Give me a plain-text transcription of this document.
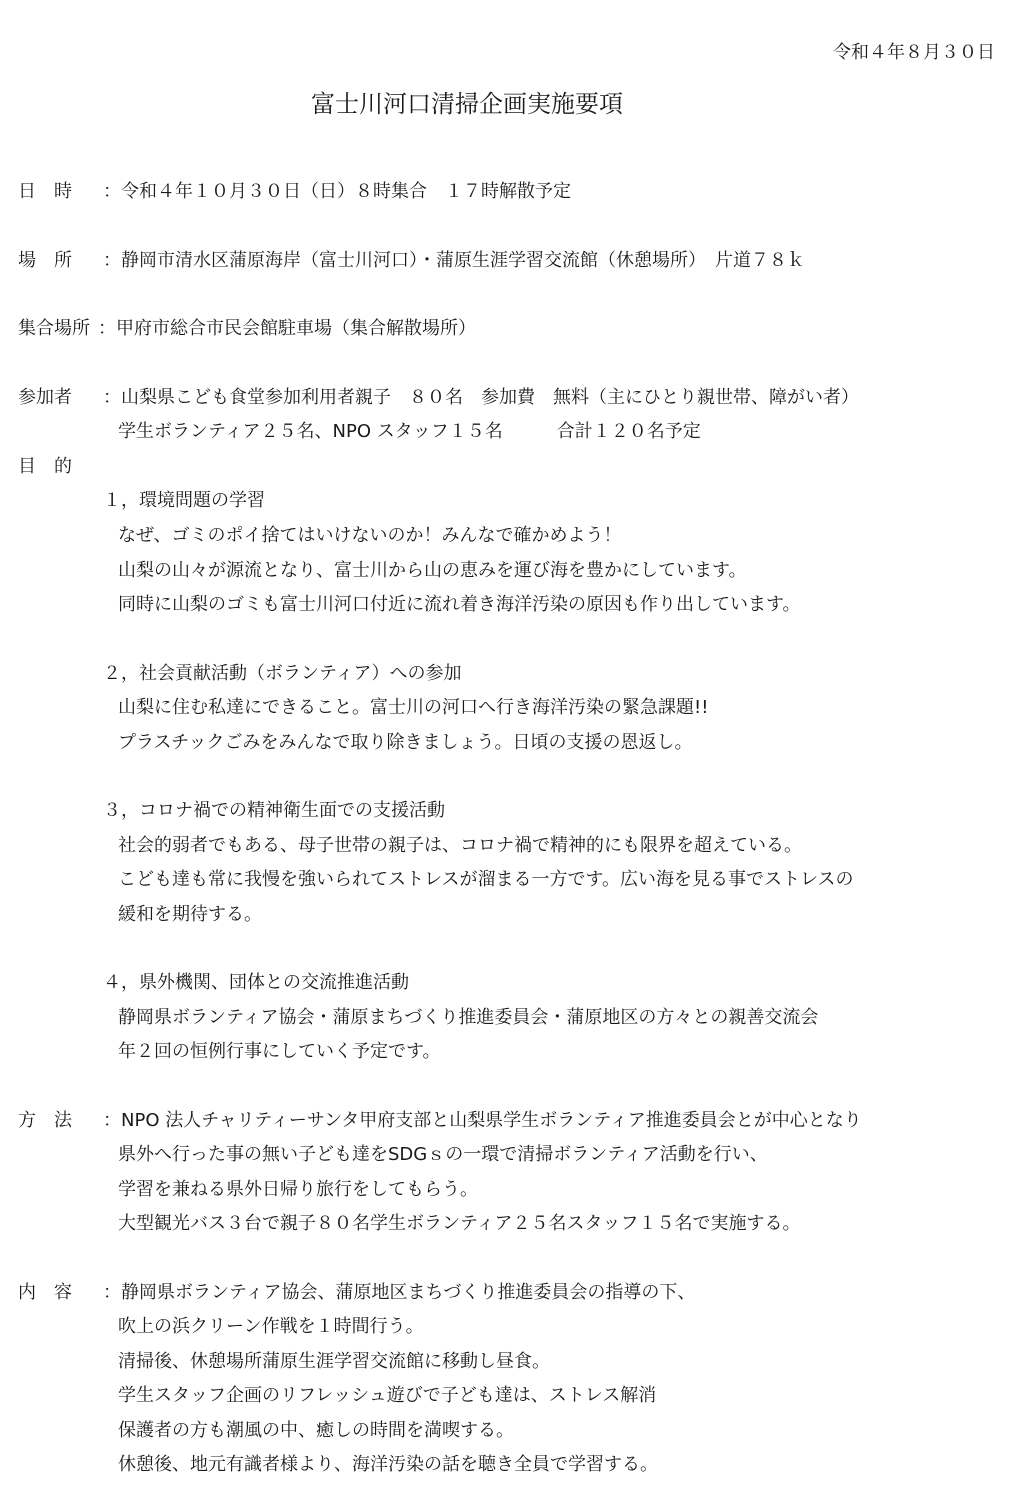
令和４年８月３０日
富士川河口清掃企画実施要項
日　時 ：令和４年１０月３０日（日）８時集合　１７時解散予定
場　所 ：静岡市清水区蒲原海岸（富士川河口）・蒲原生涯学習交流館（休憩場所）　片道７８ｋ
集合場所 ：甲府市総合市民会館駐車場（集合解散場所）
参加者 ：山梨県こども食堂参加利用者親子　８０名　参加費　無料（主にひとり親世帯、障がい者）
学生ボランティア２５名、NPO スタッフ１５名　　　合計１２０名予定
目　的
１，環境問題の学習
なぜ、ゴミのポイ捨てはいけないのか！みんなで確かめよう！
山梨の山々が源流となり、富士川から山の恵みを運び海を豊かにしています。
同時に山梨のゴミも富士川河口付近に流れ着き海洋汚染の原因も作り出しています。
２，社会貢献活動（ボランティア）への参加
山梨に住む私達にできること。富士川の河口へ行き海洋汚染の緊急課題!!
プラスチックごみをみんなで取り除きましょう。日頃の支援の恩返し。
３，コロナ禍での精神衛生面での支援活動
社会的弱者でもある、母子世帯の親子は、コロナ禍で精神的にも限界を超えている。
こども達も常に我慢を強いられてストレスが溜まる一方です。広い海を見る事でストレスの
緩和を期待する。
４，県外機関、団体との交流推進活動
静岡県ボランティア協会・蒲原まちづくり推進委員会・蒲原地区の方々との親善交流会
年２回の恒例行事にしていく予定です。
方　法 ：NPO 法人チャリティーサンタ甲府支部と山梨県学生ボランティア推進委員会とが中心となり
県外へ行った事の無い子ども達をSDGｓの一環で清掃ボランティア活動を行い、
学習を兼ねる県外日帰り旅行をしてもらう。
大型観光バス３台で親子８０名学生ボランティア２５名スタッフ１５名で実施する。
内　容 ：静岡県ボランティア協会、蒲原地区まちづくり推進委員会の指導の下、
吹上の浜クリーン作戦を１時間行う。
清掃後、休憩場所蒲原生涯学習交流館に移動し昼食。
学生スタッフ企画のリフレッシュ遊びで子ども達は、ストレス解消
保護者の方も潮風の中、癒しの時間を満喫する。
休憩後、地元有識者様より、海洋汚染の話を聴き全員で学習する。
